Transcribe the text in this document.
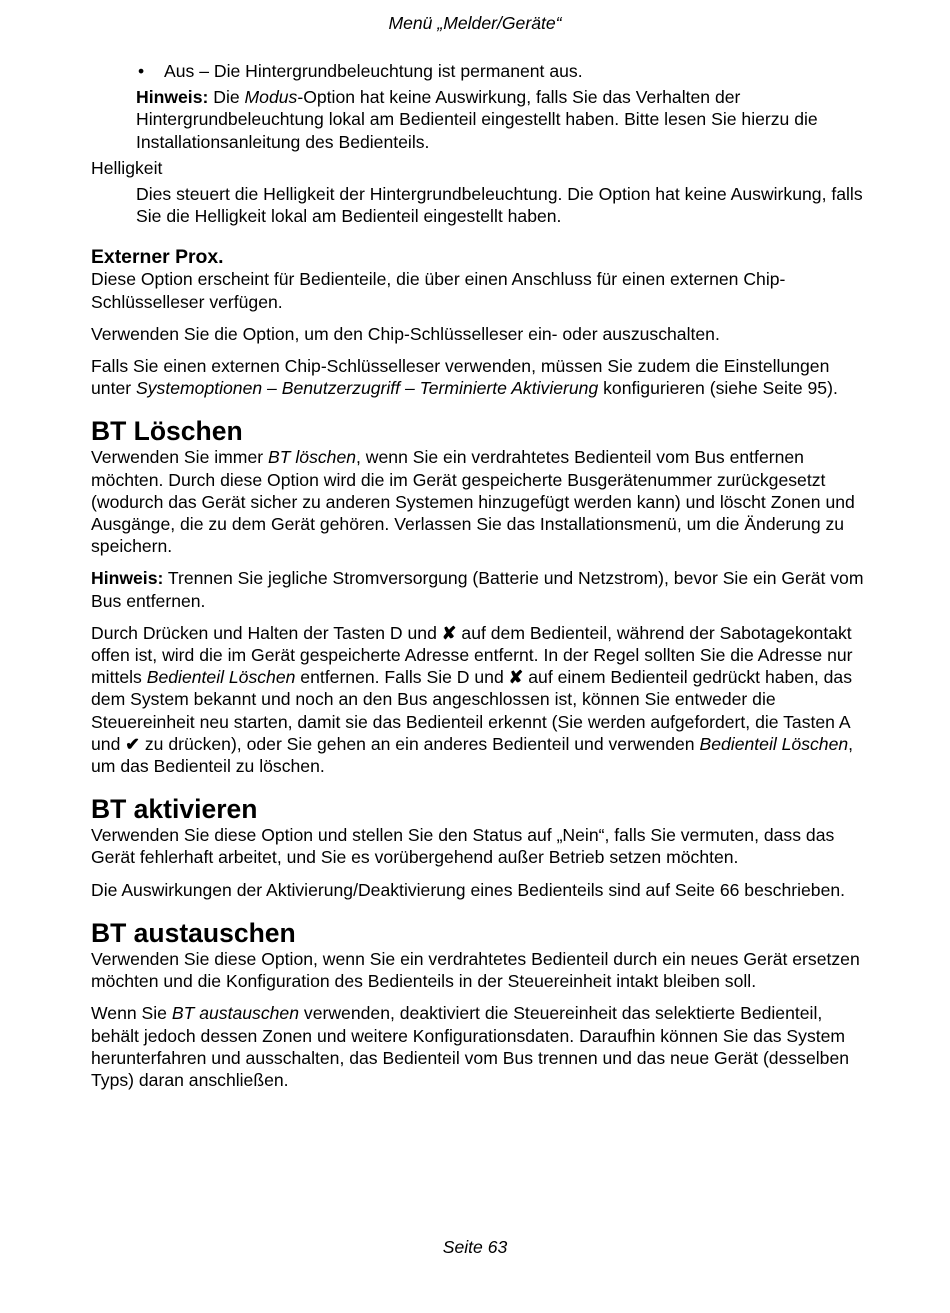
Menü „Melder/Geräte“

• Aus – Die Hintergrundbeleuchtung ist permanent aus.

Hinweis: Die Modus-Option hat keine Auswirkung, falls Sie das Verhalten der Hintergrundbeleuchtung lokal am Bedienteil eingestellt haben. Bitte lesen Sie hierzu die Installationsanleitung des Bedienteils.

Helligkeit

Dies steuert die Helligkeit der Hintergrundbeleuchtung. Die Option hat keine Auswirkung, falls Sie die Helligkeit lokal am Bedienteil eingestellt haben.

Externer Prox.

Diese Option erscheint für Bedienteile, die über einen Anschluss für einen externen Chip-Schlüsselleser verfügen.

Verwenden Sie die Option, um den Chip-Schlüsselleser ein- oder auszuschalten.

Falls Sie einen externen Chip-Schlüsselleser verwenden, müssen Sie zudem die Einstellungen unter Systemoptionen – Benutzerzugriff – Terminierte Aktivierung konfigurieren (siehe Seite 95).

BT Löschen

Verwenden Sie immer BT löschen, wenn Sie ein verdrahtetes Bedienteil vom Bus entfernen möchten. Durch diese Option wird die im Gerät gespeicherte Busgerätenummer zurückgesetzt (wodurch das Gerät sicher zu anderen Systemen hinzugefügt werden kann) und löscht Zonen und Ausgänge, die zu dem Gerät gehören. Verlassen Sie das Installationsmenü, um die Änderung zu speichern.

Hinweis: Trennen Sie jegliche Stromversorgung (Batterie und Netzstrom), bevor Sie ein Gerät vom Bus entfernen.

Durch Drücken und Halten der Tasten D und ✘ auf dem Bedienteil, während der Sabotagekontakt offen ist, wird die im Gerät gespeicherte Adresse entfernt. In der Regel sollten Sie die Adresse nur mittels Bedienteil Löschen entfernen. Falls Sie D und ✘ auf einem Bedienteil gedrückt haben, das dem System bekannt und noch an den Bus angeschlossen ist, können Sie entweder die Steuereinheit neu starten, damit sie das Bedienteil erkennt (Sie werden aufgefordert, die Tasten A und ✔ zu drücken), oder Sie gehen an ein anderes Bedienteil und verwenden Bedienteil Löschen, um das Bedienteil zu löschen.

BT aktivieren

Verwenden Sie diese Option und stellen Sie den Status auf „Nein“, falls Sie vermuten, dass das Gerät fehlerhaft arbeitet, und Sie es vorübergehend außer Betrieb setzen möchten.

Die Auswirkungen der Aktivierung/Deaktivierung eines Bedienteils sind auf Seite 66 beschrieben.

BT austauschen

Verwenden Sie diese Option, wenn Sie ein verdrahtetes Bedienteil durch ein neues Gerät ersetzen möchten und die Konfiguration des Bedienteils in der Steuereinheit intakt bleiben soll.

Wenn Sie BT austauschen verwenden, deaktiviert die Steuereinheit das selektierte Bedienteil, behält jedoch dessen Zonen und weitere Konfigurationsdaten. Daraufhin können Sie das System herunterfahren und ausschalten, das Bedienteil vom Bus trennen und das neue Gerät (desselben Typs) daran anschließen.

Seite 63
